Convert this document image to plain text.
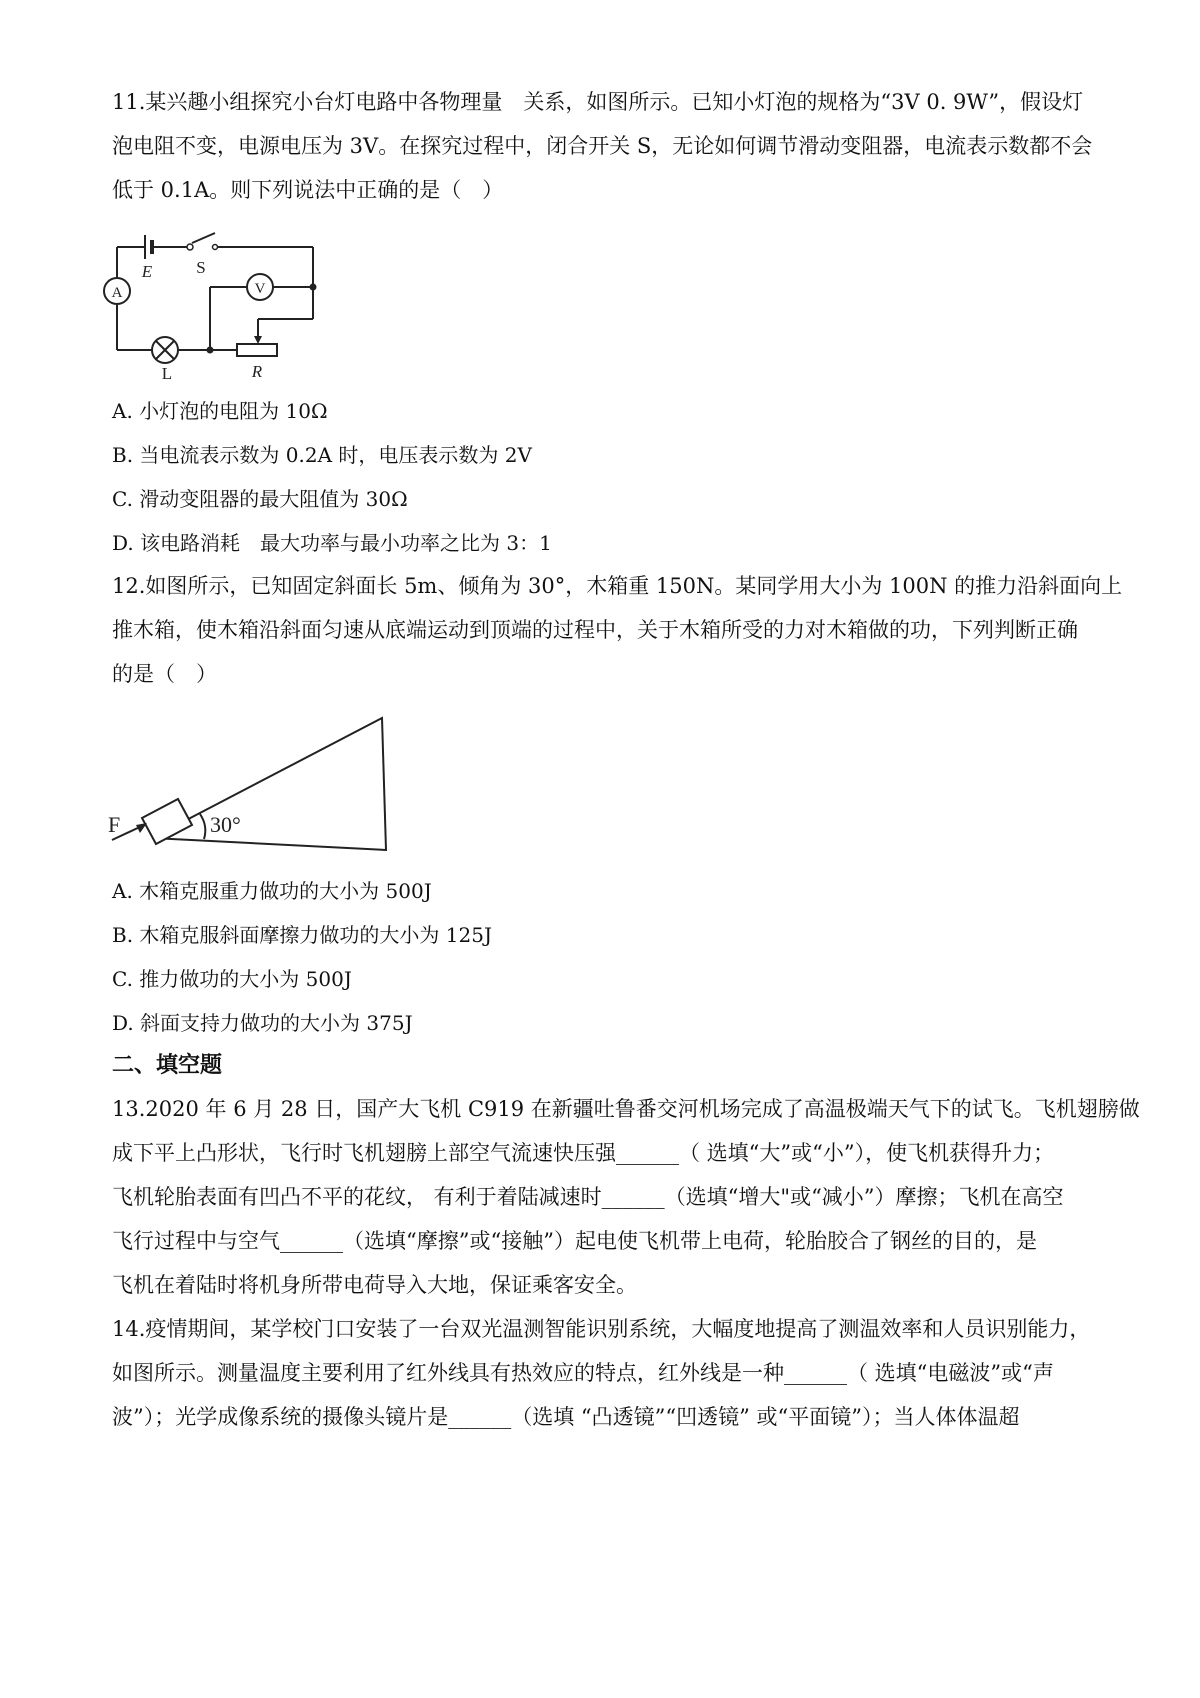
11.某兴趣小组探究小台灯电路中各物理量　关系，如图所示。已知小灯泡的规格为“3V 0. 9W”，假设灯
泡电阻不变，电源电压为 3V。在探究过程中，闭合开关 S，无论如何调节滑动变阻器，电流表示数都不会
低于 0.1A。则下列说法中正确的是（　）
A	V
E	S
L	R
A. 小灯泡的电阻为 10Ω
B. 当电流表示数为 0.2A 时，电压表示数为 2V
C. 滑动变阻器的最大阻值为 30Ω
D. 该电路消耗　最大功率与最小功率之比为 3：1
12.如图所示，已知固定斜面长 5m、倾角为 30°，木箱重 150N。某同学用大小为 100N 的推力沿斜面向上
推木箱，使木箱沿斜面匀速从底端运动到顶端的过程中，关于木箱所受的力对木箱做的功，下列判断正确
的是（　）
30°
F
A. 木箱克服重力做功的大小为 500J
B. 木箱克服斜面摩擦力做功的大小为 125J
C. 推力做功的大小为 500J
D. 斜面支持力做功的大小为 375J
二、填空题
13.2020 年 6 月 28 日，国产大飞机 C919 在新疆吐鲁番交河机场完成了高温极端天气下的试飞。飞机翅膀做
成下平上凸形状，飞行时飞机翅膀上部空气流速快压强______（ 选填“大”或“小”），使飞机获得升力；
飞机轮胎表面有凹凸不平的花纹， 有利于着陆减速时______（选填“增大"或“减小”）摩擦；飞机在高空
飞行过程中与空气______（选填“摩擦”或“接触”）起电使飞机带上电荷，轮胎胶合了钢丝的目的，是
飞机在着陆时将机身所带电荷导入大地，保证乘客安全。
14.疫情期间，某学校门口安装了一台双光温测智能识别系统，大幅度地提高了测温效率和人员识别能力，
如图所示。测量温度主要利用了红外线具有热效应的特点，红外线是一种______（ 选填“电磁波”或“声
波”）；光学成像系统的摄像头镜片是______（选填 “凸透镜”“凹透镜” 或“平面镜”）；当人体体温超
